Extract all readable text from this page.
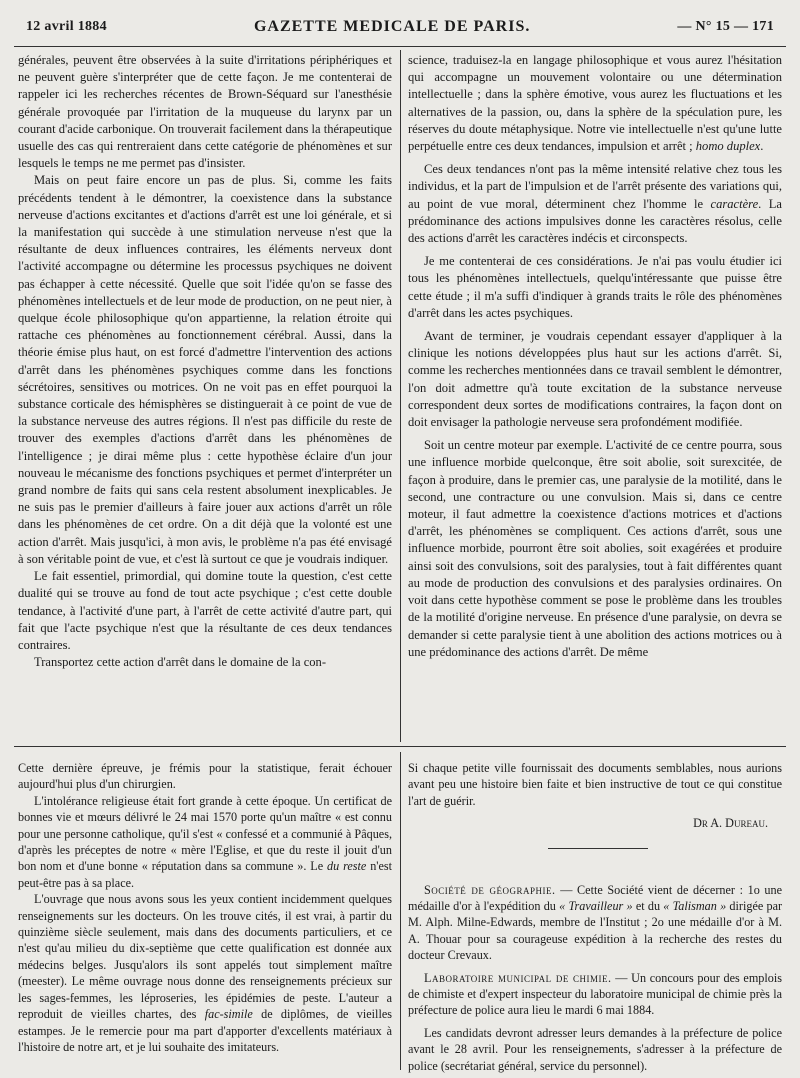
12 avril 1884	GAZETTE MEDICALE DE PARIS.	— N° 15 — 171

générales, peuvent être observées à la suite d'irritations périphériques et ne peuvent guère s'interpréter que de cette façon. Je me contenterai de rappeler ici les recherches récentes de Brown-Séquard sur l'anesthésie générale provoquée par l'irritation de la muqueuse du larynx par un courant d'acide carbonique. On trouverait facilement dans la thérapeutique usuelle des cas qui rentreraient dans cette catégorie de phénomènes et sur lesquels le temps ne me permet pas d'insister.

Mais on peut faire encore un pas de plus. Si, comme les faits précédents tendent à le démontrer, la coexistence dans la substance nerveuse d'actions excitantes et d'actions d'arrêt est une loi générale, et si la manifestation qui succède à une stimulation nerveuse n'est que la résultante de deux influences contraires, les éléments nerveux dont l'activité accompagne ou détermine les processus psychiques ne doivent pas échapper à cette nécessité. Quelle que soit l'idée qu'on se fasse des phénomènes intellectuels et de leur mode de production, on ne peut nier, à quelque école philosophique qu'on appartienne, la relation étroite qui rattache ces phénomènes au fonctionnement cérébral. Aussi, dans la théorie émise plus haut, on est forcé d'admettre l'intervention des actions d'arrêt dans les phénomènes psychiques comme dans les fonctions sécrétoires, sensitives ou motrices. On ne voit pas en effet pourquoi la substance corticale des hémisphères se distinguerait à ce point de vue de la substance nerveuse des autres régions. Il n'est pas difficile du reste de trouver des exemples d'actions d'arrêt dans les phénomènes de l'intelligence ; je dirai même plus : cette hypothèse éclaire d'un jour nouveau le mécanisme des fonctions psychiques et permet d'interpréter un grand nombre de faits qui sans cela restent absolument inexplicables. Je ne suis pas le premier d'ailleurs à faire jouer aux actions d'arrêt un rôle dans les phénomènes de cet ordre. On a dit déjà que la volonté est une action d'arrêt. Mais jusqu'ici, à mon avis, le problème n'a pas été envisagé à son véritable point de vue, et c'est là surtout ce que je voudrais indiquer.

Le fait essentiel, primordial, qui domine toute la question, c'est cette dualité qui se trouve au fond de tout acte psychique ; c'est cette double tendance, à l'activité d'une part, à l'arrêt de cette activité d'autre part, qui fait que l'acte psychique n'est que la résultante de ces deux tendances contraires.

Transportez cette action d'arrêt dans le domaine de la con-

science, traduisez-la en langage philosophique et vous aurez l'hésitation qui accompagne un mouvement volontaire ou une détermination intellectuelle ; dans la sphère émotive, vous aurez les fluctuations et les alternatives de la passion, ou, dans la sphère de la spéculation pure, les réserves du doute métaphysique. Notre vie intellectuelle n'est qu'une lutte perpétuelle entre ces deux tendances, impulsion et arrêt ; homo duplex.

Ces deux tendances n'ont pas la même intensité relative chez tous les individus, et la part de l'impulsion et de l'arrêt présente des variations qui, au point de vue moral, déterminent chez l'homme le caractère. La prédominance des actions impulsives donne les caractères résolus, celle des actions d'arrêt les caractères indécis et circonspects.

Je me contenterai de ces considérations. Je n'ai pas voulu étudier ici tous les phénomènes intellectuels, quelqu'intéressante que puisse être cette étude ; il m'a suffi d'indiquer à grands traits le rôle des phénomènes d'arrêt dans les actes psychiques.

Avant de terminer, je voudrais cependant essayer d'appliquer à la clinique les notions développées plus haut sur les actions d'arrêt. Si, comme les recherches mentionnées dans ce travail semblent le démontrer, l'on doit admettre qu'à toute excitation de la substance nerveuse correspondent deux sortes de modifications contraires, la façon dont on doit envisager la pathologie nerveuse sera profondément modifiée.

Soit un centre moteur par exemple. L'activité de ce centre pourra, sous une influence morbide quelconque, être soit abolie, soit surexcitée, de façon à produire, dans le premier cas, une paralysie de la motilité, dans le second, une contracture ou une convulsion. Mais si, dans ce centre moteur, il faut admettre la coexistence d'actions motrices et d'actions d'arrêt, les phénomènes se compliquent. Ces actions d'arrêt, sous une influence morbide, pourront être soit abolies, soit exagérées et produire ainsi soit des convulsions, soit des paralysies, tout à fait différentes quant au mode de production des convulsions et des paralysies ordinaires. On voit dans cette hypothèse comment se pose le problème dans les troubles de la motilité d'origine nerveuse. En présence d'une paralysie, on devra se demander si cette paralysie tient à une abolition des actions motrices ou à une prédominance des actions d'arrêt. De même

Cette dernière épreuve, je frémis pour la statistique, ferait échouer aujourd'hui plus d'un chirurgien.

L'intolérance religieuse était fort grande à cette époque. Un certificat de bonnes vie et mœurs délivré le 24 mai 1570 porte qu'un maître « est connu pour une personne catholique, qu'il s'est « confessé et a communié à Pâques, d'après les préceptes de notre « mère l'Eglise, et que du reste il jouit d'un bon nom et d'une bonne « réputation dans sa commune ». Le du reste n'est peut-être pas à sa place.

L'ouvrage que nous avons sous les yeux contient incidemment quelques renseignements sur les docteurs. On les trouve cités, il est vrai, à partir du quinzième siècle seulement, mais dans des documents particuliers, et ce n'est qu'au milieu du dix-septième que cette qualification est donnée aux médecins belges. Jusqu'alors ils sont appelés tout simplement maître (meester). Le même ouvrage nous donne des renseignements précieux sur les sages-femmes, les léproseries, les épidémies de peste. L'auteur a reproduit de vieilles chartes, des fac-simile de diplômes, de vieilles estampes. Je le remercie pour ma part d'apporter d'excellents matériaux à l'histoire de notre art, et je lui souhaite des imitateurs.

Si chaque petite ville fournissait des documents semblables, nous aurions avant peu une histoire bien faite et bien instructive de tout ce qui constitue l'art de guérir.

Dr A. Dureau.

Société de géographie. — Cette Société vient de décerner : 1o une médaille d'or à l'expédition du « Travailleur » et du « Talisman » dirigée par M. Alph. Milne-Edwards, membre de l'Institut ; 2o une médaille d'or à M. A. Thouar pour sa courageuse expédition à la recherche des restes du docteur Crevaux.

Laboratoire municipal de chimie. — Un concours pour des emplois de chimiste et d'expert inspecteur du laboratoire municipal de chimie près la préfecture de police aura lieu le mardi 6 mai 1884.

Les candidats devront adresser leurs demandes à la préfecture de police avant le 28 avril. Pour les renseignements, s'adresser à la préfecture de police (secrétariat général, service du personnel).
